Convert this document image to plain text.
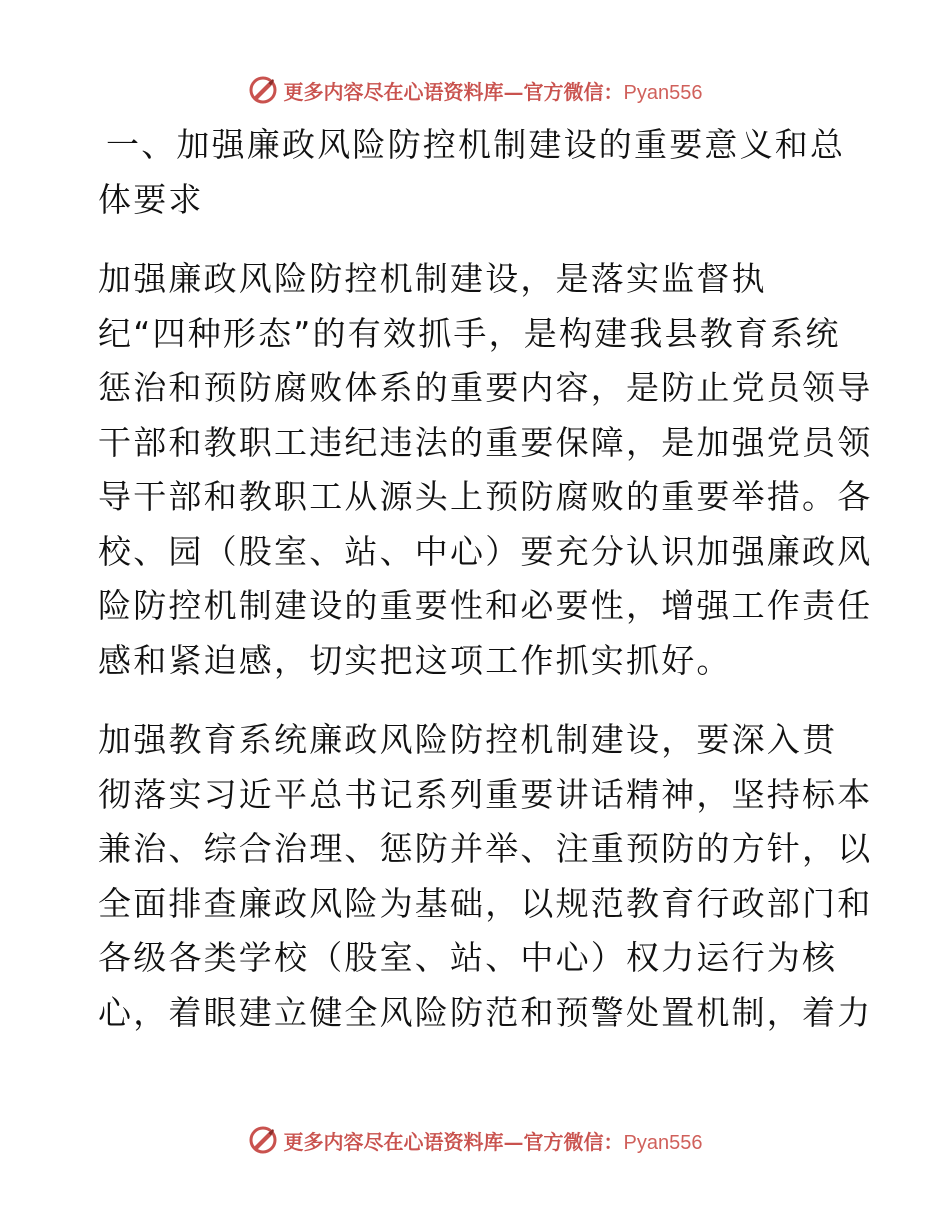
更多内容尽在心语资料库—官方微信：Pyan556
一、加强廉政风险防控机制建设的重要意义和总
体要求
加强廉政风险防控机制建设，是落实监督执
纪“四种形态”的有效抓手，是构建我县教育系统
惩治和预防腐败体系的重要内容，是防止党员领导
干部和教职工违纪违法的重要保障，是加强党员领
导干部和教职工从源头上预防腐败的重要举措。各
校、园（股室、站、中心）要充分认识加强廉政风
险防控机制建设的重要性和必要性，增强工作责任
感和紧迫感，切实把这项工作抓实抓好。
加强教育系统廉政风险防控机制建设，要深入贯
彻落实习近平总书记系列重要讲话精神，坚持标本
兼治、综合治理、惩防并举、注重预防的方针，以
全面排查廉政风险为基础，以规范教育行政部门和
各级各类学校（股室、站、中心）权力运行为核
心，着眼建立健全风险防范和预警处置机制，着力
更多内容尽在心语资料库—官方微信：Pyan556
